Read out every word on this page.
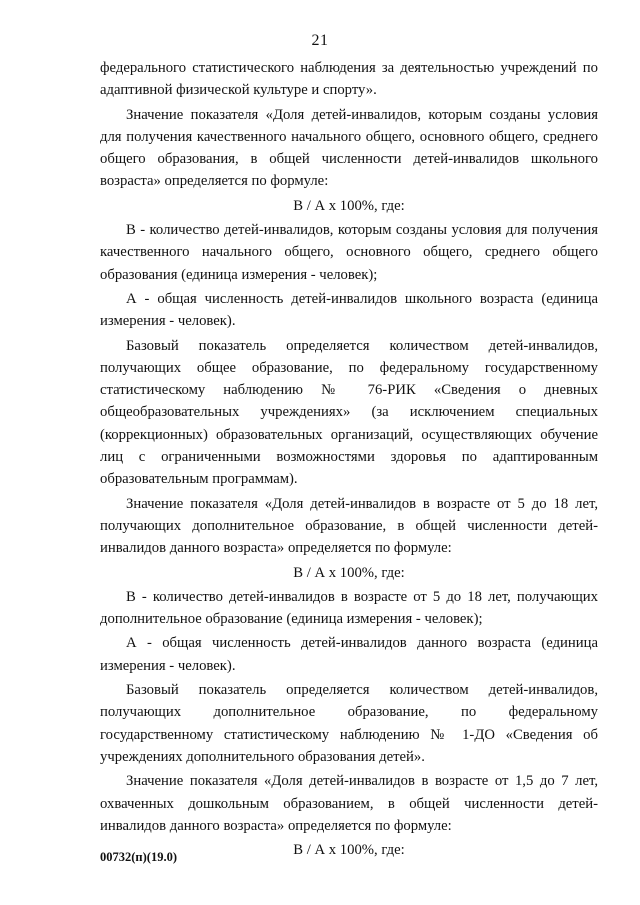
21

федерального статистического наблюдения за деятельностью учреждений по адаптивной физической культуре и спорту».

Значение показателя «Доля детей-инвалидов, которым созданы условия для получения качественного начального общего, основного общего, среднего общего образования, в общей численности детей-инвалидов школьного возраста» определяется по формуле:

В / А х 100%, где:

В - количество детей-инвалидов, которым созданы условия для получения качественного начального общего, основного общего, среднего общего образования (единица измерения - человек);

А - общая численность детей-инвалидов школьного возраста (единица измерения - человек).

Базовый показатель определяется количеством детей-инвалидов, получающих общее образование, по федеральному государственному статистическому наблюдению № 76-РИК «Сведения о дневных общеобразовательных учреждениях» (за исключением специальных (коррекционных) образовательных организаций, осуществляющих обучение лиц с ограниченными возможностями здоровья по адаптированным образовательным программам).

Значение показателя «Доля детей-инвалидов в возрасте от 5 до 18 лет, получающих дополнительное образование, в общей численности детей-инвалидов данного возраста» определяется по формуле:

В / А х 100%, где:

В - количество детей-инвалидов в возрасте от 5 до 18 лет, получающих дополнительное образование (единица измерения - человек);

А - общая численность детей-инвалидов данного возраста (единица измерения - человек).

Базовый показатель определяется количеством детей-инвалидов, получающих дополнительное образование, по федеральному государственному статистическому наблюдению № 1-ДО «Сведения об учреждениях дополнительного образования детей».

Значение показателя «Доля детей-инвалидов в возрасте от 1,5 до 7 лет, охваченных дошкольным образованием, в общей численности детей-инвалидов данного возраста» определяется по формуле:

В / А х 100%, где:

00732(п)(19.0)
